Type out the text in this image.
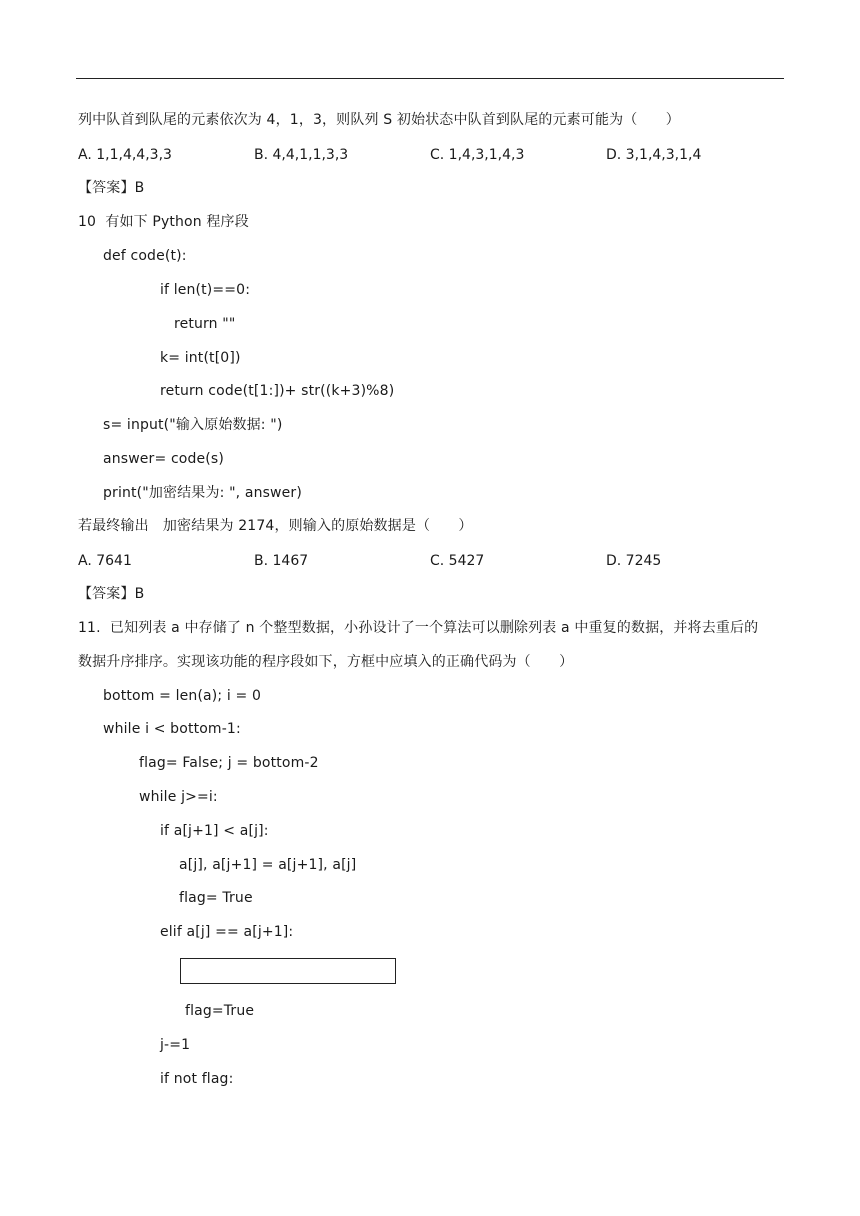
列中队首到队尾的元素依次为 4，1，3，则队列 S 初始状态中队首到队尾的元素可能为（　　）
A. 1,1,4,4,3,3	B. 4,4,1,1,3,3	C. 1,4,3,1,4,3	D. 3,1,4,3,1,4
【答案】B
10  有如下 Python 程序段
def code(t):
if len(t)==0:
return ""
k= int(t[0])
return code(t[1:])+ str((k+3)%8)
s= input("输入原始数据: ")
answer= code(s)
print("加密结果为: ", answer)
若最终输出　加密结果为 2174，则输入的原始数据是（　　）
A. 7641	B. 1467	C. 5427	D. 7245
【答案】B
11.  已知列表 a 中存储了 n 个整型数据，小孙设计了一个算法可以删除列表 a 中重复的数据，并将去重后的
数据升序排序。实现该功能的程序段如下，方框中应填入的正确代码为（　　）
bottom = len(a); i = 0
while i < bottom-1:
flag= False; j = bottom-2
while j>=i:
if a[j+1] < a[j]:
a[j], a[j+1] = a[j+1], a[j]
flag= True
elif a[j] == a[j+1]:
flag=True
j-=1
if not flag:
